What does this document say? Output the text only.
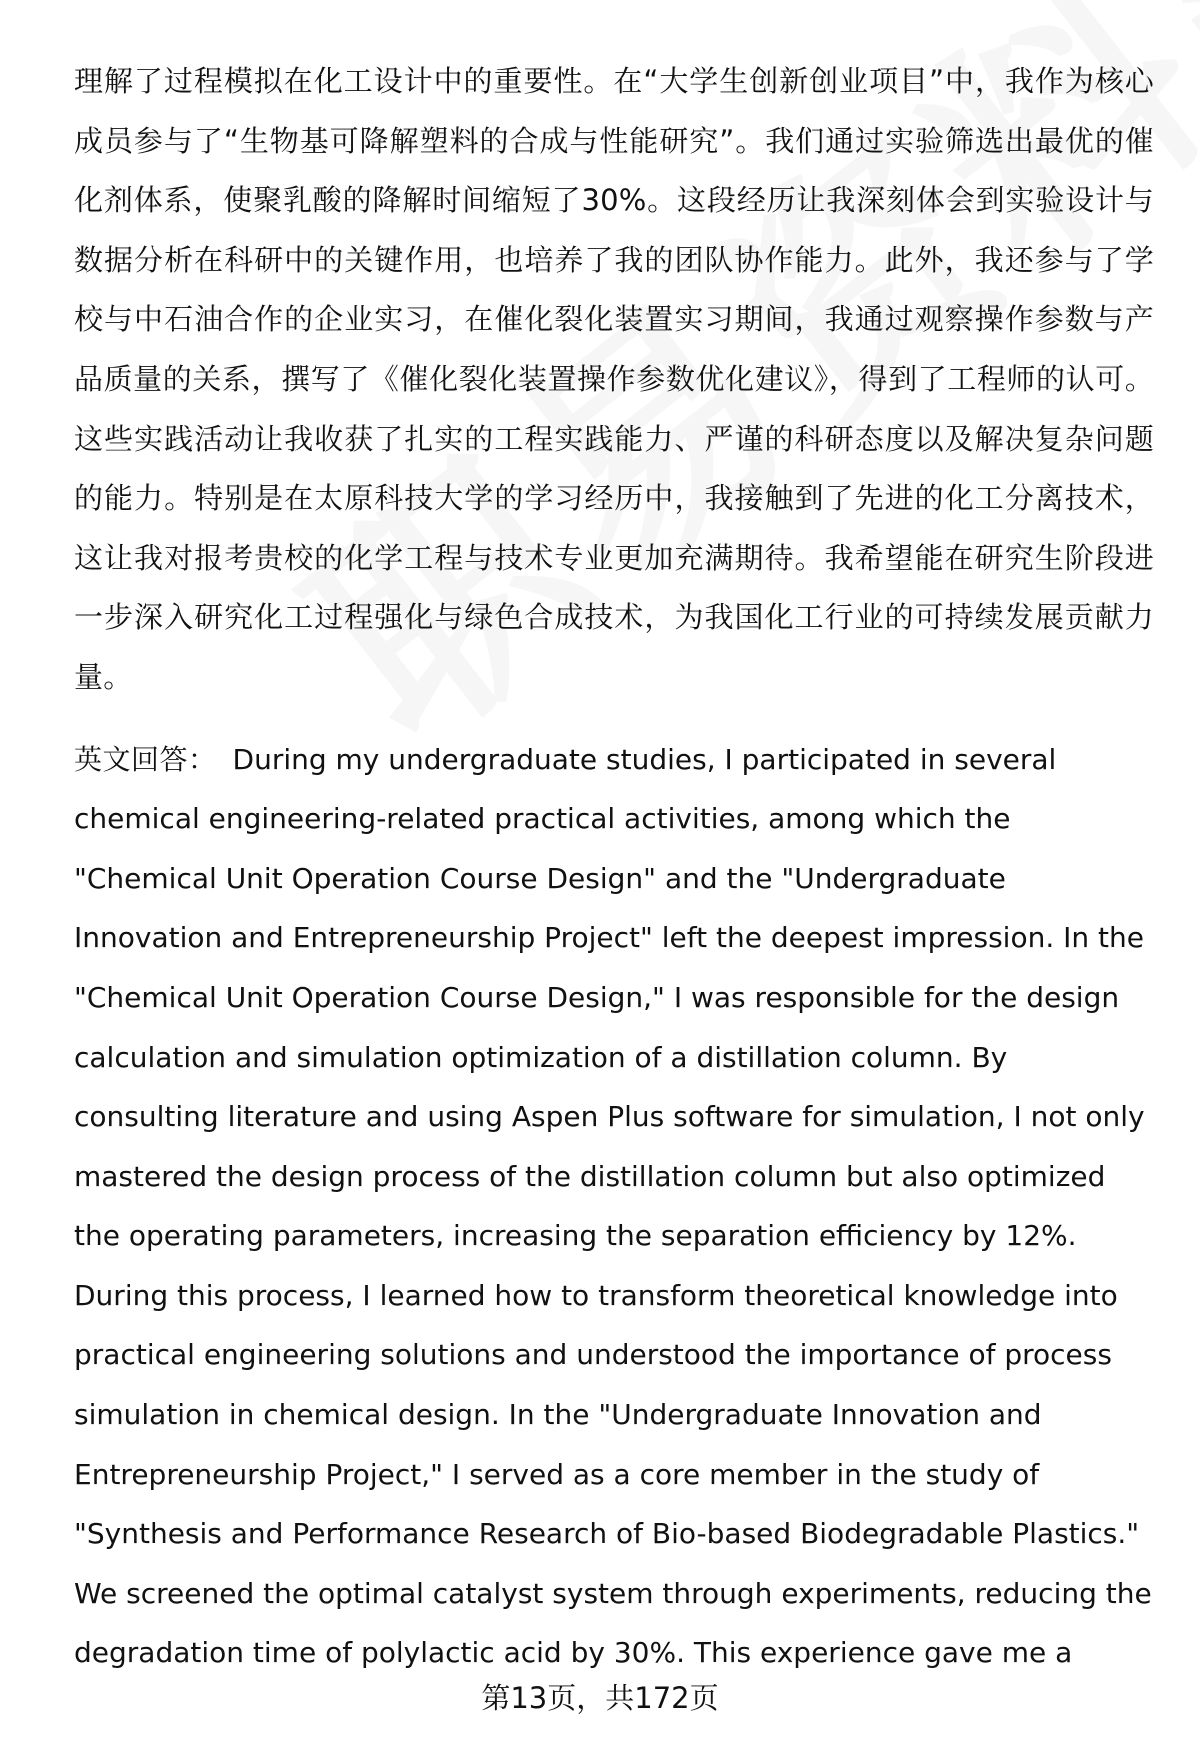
理解了过程模拟在化工设计中的重要性。在“大学生创新创业项目”中，我作为核心成员参与了“生物基可降解塑料的合成与性能研究”。我们通过实验筛选出最优的催化剂体系，使聚乳酸的降解时间缩短了30%。这段经历让我深刻体会到实验设计与数据分析在科研中的关键作用，也培养了我的团队协作能力。此外，我还参与了学校与中石油合作的企业实习，在催化裂化装置实习期间，我通过观察操作参数与产品质量的关系，撰写了《催化裂化装置操作参数优化建议》，得到了工程师的认可。这些实践活动让我收获了扎实的工程实践能力、严谨的科研态度以及解决复杂问题的能力。特别是在太原科技大学的学习经历中，我接触到了先进的化工分离技术，这让我对报考贵校的化学工程与技术专业更加充满期待。我希望能在研究生阶段进一步深入研究化工过程强化与绿色合成技术，为我国化工行业的可持续发展贡献力量。

英文回答： During my undergraduate studies, I participated in several chemical engineering-related practical activities, among which the "Chemical Unit Operation Course Design" and the "Undergraduate Innovation and Entrepreneurship Project" left the deepest impression. In the "Chemical Unit Operation Course Design," I was responsible for the design calculation and simulation optimization of a distillation column. By consulting literature and using Aspen Plus software for simulation, I not only mastered the design process of the distillation column but also optimized the operating parameters, increasing the separation efficiency by 12%. During this process, I learned how to transform theoretical knowledge into practical engineering solutions and understood the importance of process simulation in chemical design. In the "Undergraduate Innovation and Entrepreneurship Project," I served as a core member in the study of "Synthesis and Performance Research of Bio-based Biodegradable Plastics." We screened the optimal catalyst system through experiments, reducing the degradation time of polylactic acid by 30%. This experience gave me a

第13页，共172页
